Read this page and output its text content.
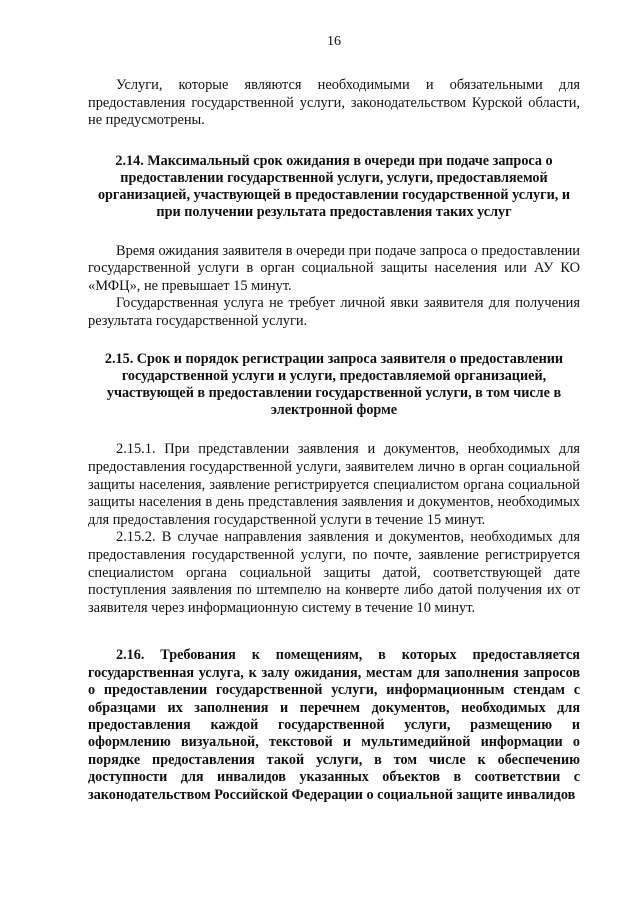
16

Услуги, которые являются необходимыми и обязательными для предоставления государственной услуги, законодательством Курской области, не предусмотрены.

2.14. Максимальный срок ожидания в очереди при подаче запроса о предоставлении государственной услуги, услуги, предоставляемой организацией, участвующей в предоставлении государственной услуги, и при получении результата предоставления таких услуг

Время ожидания заявителя в очереди при подаче запроса о предоставлении государственной услуги в орган социальной защиты населения или АУ КО «МФЦ», не превышает 15 минут.

Государственная услуга не требует личной явки заявителя для получения результата государственной услуги.

2.15. Срок и порядок регистрации запроса заявителя о предоставлении государственной услуги и услуги, предоставляемой организацией, участвующей в предоставлении государственной услуги, в том числе в электронной форме

2.15.1. При представлении заявления и документов, необходимых для предоставления государственной услуги, заявителем лично в орган социальной защиты населения, заявление регистрируется специалистом органа социальной защиты населения в день представления заявления и документов, необходимых для предоставления государственной услуги в течение 15 минут.

2.15.2. В случае направления заявления и документов, необходимых для предоставления государственной услуги, по почте, заявление регистрируется специалистом органа социальной защиты датой, соответствующей дате поступления заявления по штемпелю на конверте либо датой получения их от заявителя через информационную систему в течение 10 минут.

2.16. Требования к помещениям, в которых предоставляется государственная услуга, к залу ожидания, местам для заполнения запросов о предоставлении государственной услуги, информационным стендам с образцами их заполнения и перечнем документов, необходимых для предоставления каждой государственной услуги, размещению и оформлению визуальной, текстовой и мультимедийной информации о порядке предоставления такой услуги, в том числе к обеспечению доступности для инвалидов указанных объектов в соответствии с законодательством Российской Федерации о социальной защите инвалидов
